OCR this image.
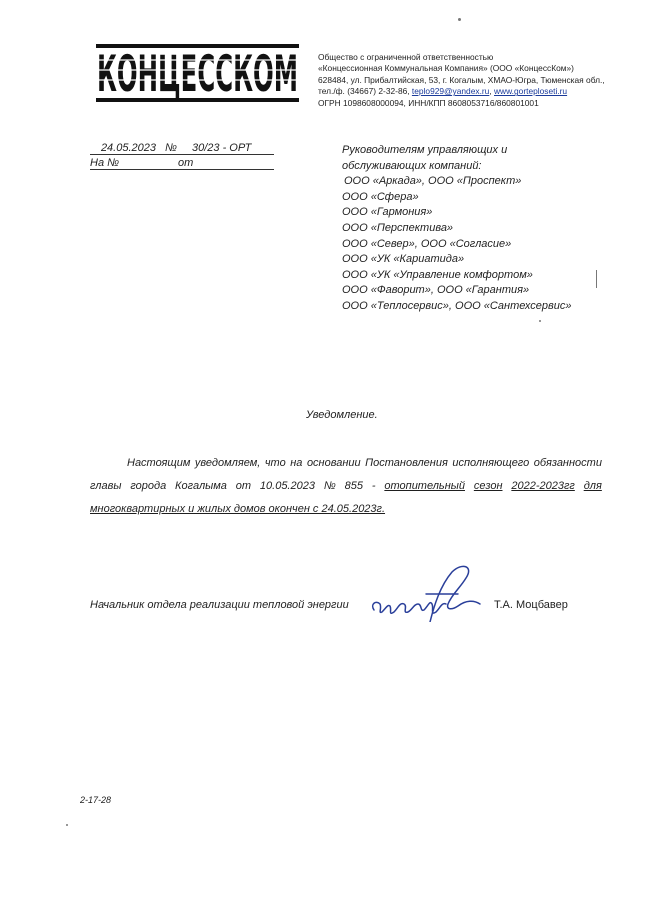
КОНЦЕССКОМ Общество с ограниченной ответственностью
«Концессионная Коммунальная Компания» (ООО «КонцессКом»)
628484, ул. Прибалтийская, 53, г. Когалым, ХМАО-Югра, Тюменская обл.,
тел./ф. (34667) 2-32-86, teplo929@yandex.ru, www.gorteploseti.ru
ОГРН 1098608000094, ИНН/КПП 8608053716/860801001
24.05.2023 № 30/23 - ОРТ
На №	от
Руководителям управляющих и
обслуживающих компаний:
ООО «Аркада», ООО «Проспект»
ООО «Сфера»
ООО «Гармония»
ООО «Перспектива»
ООО «Север», ООО «Согласие»
ООО «УК «Кариатида»
ООО «УК «Управление комфортом»
ООО «Фаворит», ООО «Гарантия»
ООО «Теплосервис», ООО «Сантехсервис»
Уведомление.
Настоящим уведомляем, что на основании Постановления исполняющего обязанности
главы города Когалыма от 10.05.2023 № 855 - отопительный сезон 2022-2023гг для
многоквартирных и жилых домов окончен с 24.05.2023г.
Начальник отдела реализации тепловой энергии	Т.А. Моцбавер
2-17-28
